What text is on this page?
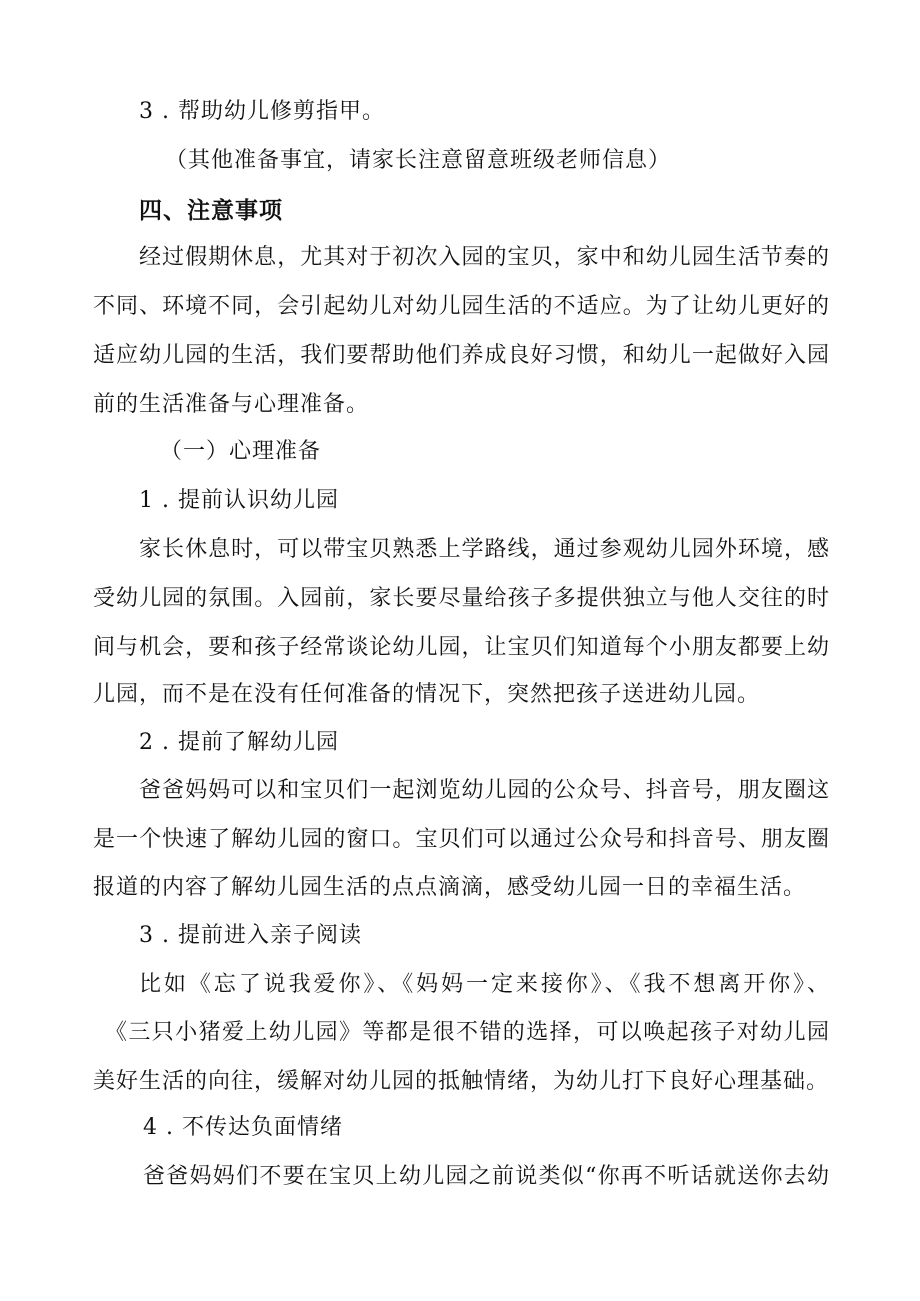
3 . 帮助幼儿修剪指甲。
（其他准备事宜，请家长注意留意班级老师信息）
四、注意事项
经过假期休息，尤其对于初次入园的宝贝，家中和幼儿园生活节奏的
不同、环境不同，会引起幼儿对幼儿园生活的不适应。为了让幼儿更好的
适应幼儿园的生活，我们要帮助他们养成良好习惯，和幼儿一起做好入园
前的生活准备与心理准备。
（一）心理准备
1 . 提前认识幼儿园
家长休息时，可以带宝贝熟悉上学路线，通过参观幼儿园外环境，感
受幼儿园的氛围。入园前，家长要尽量给孩子多提供独立与他人交往的时
间与机会，要和孩子经常谈论幼儿园，让宝贝们知道每个小朋友都要上幼
儿园，而不是在没有任何准备的情况下，突然把孩子送进幼儿园。
2 . 提前了解幼儿园
爸爸妈妈可以和宝贝们一起浏览幼儿园的公众号、抖音号，朋友圈这
是一个快速了解幼儿园的窗口。宝贝们可以通过公众号和抖音号、朋友圈
报道的内容了解幼儿园生活的点点滴滴，感受幼儿园一日的幸福生活。
3 . 提前进入亲子阅读
比如《忘了说我爱你》、《妈妈一定来接你》、《我不想离开你》、
《三只小猪爱上幼儿园》等都是很不错的选择，可以唤起孩子对幼儿园
美好生活的向往，缓解对幼儿园的抵触情绪，为幼儿打下良好心理基础。
4 . 不传达负面情绪
爸爸妈妈们不要在宝贝上幼儿园之前说类似“你再不听话就送你去幼
